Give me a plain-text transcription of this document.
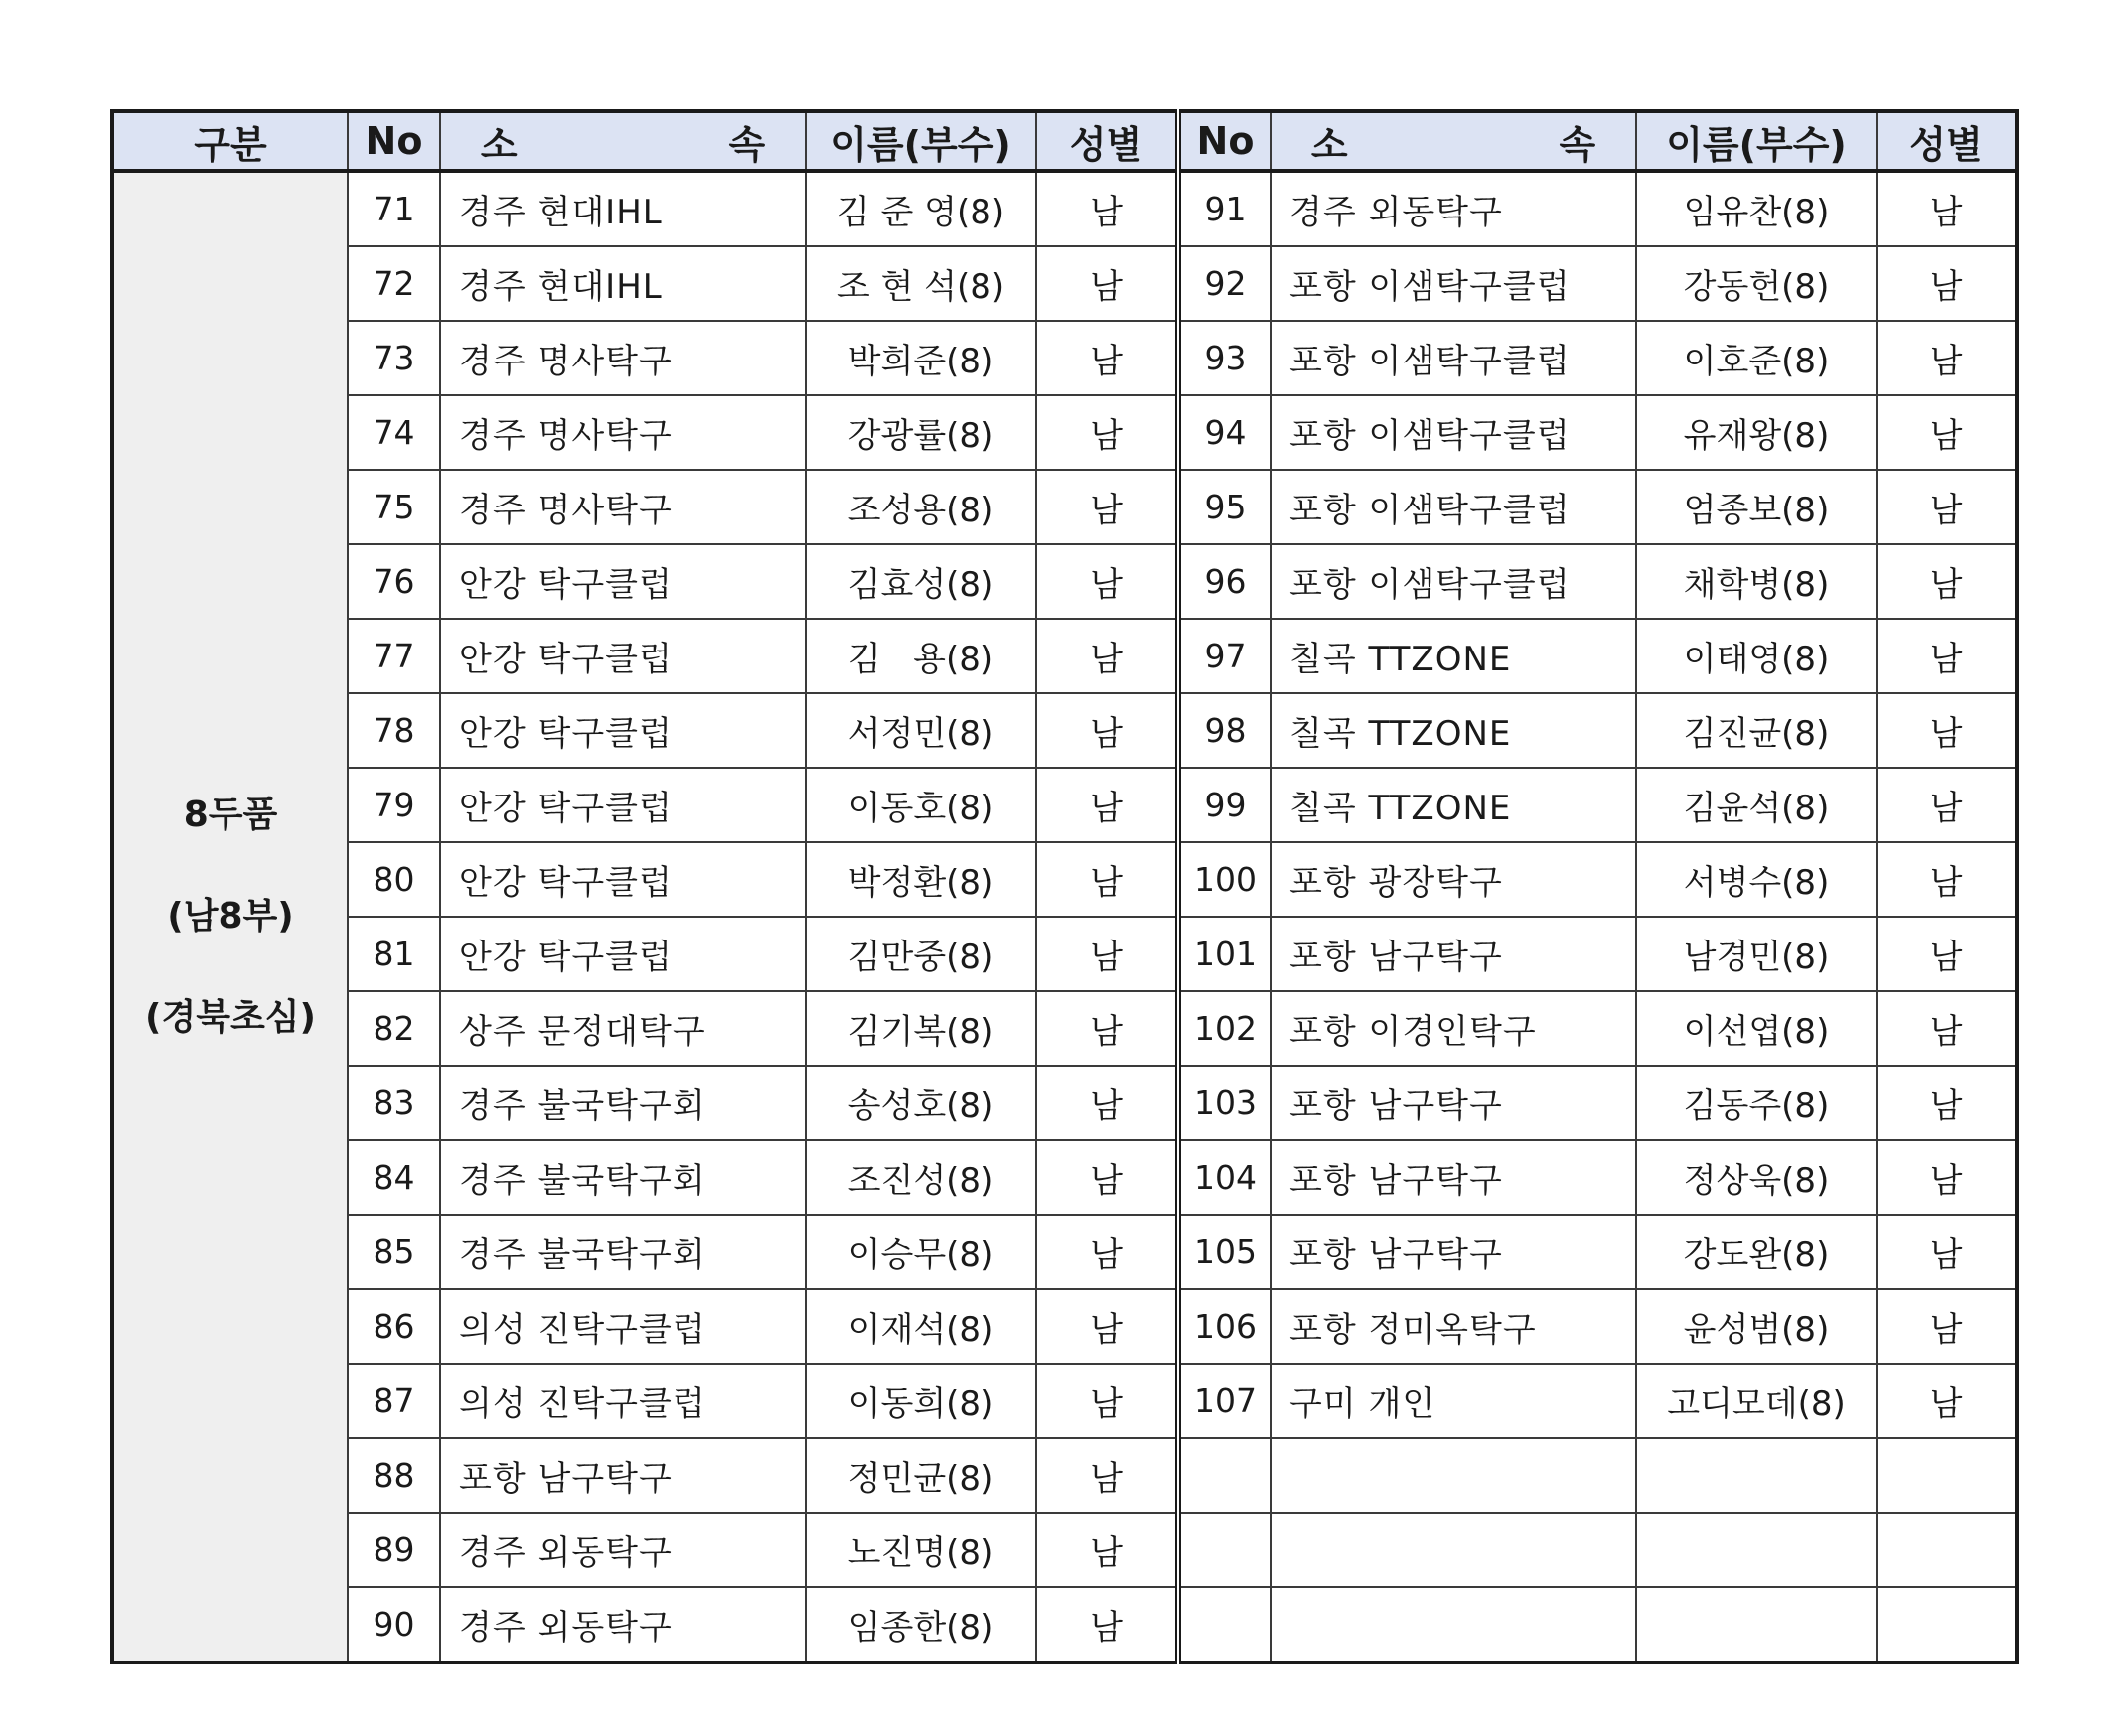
구분	No	소    속	이름(부수)	성별	No	소    속	이름(부수)	성별

8두품
(남8부)
(경북초심)	71	경주 현대IHL	김 준 영(8)	남	91	경주 외동탁구	임유찬(8)	남
	72	경주 현대IHL	조 현 석(8)	남	92	포항 이샘탁구클럽	강동헌(8)	남
	73	경주 명사탁구	박희준(8)	남	93	포항 이샘탁구클럽	이호준(8)	남
	74	경주 명사탁구	강광률(8)	남	94	포항 이샘탁구클럽	유재왕(8)	남
	75	경주 명사탁구	조성용(8)	남	95	포항 이샘탁구클럽	엄종보(8)	남
	76	안강 탁구클럽	김효성(8)	남	96	포항 이샘탁구클럽	채학병(8)	남
	77	안강 탁구클럽	김   용(8)	남	97	칠곡 TTZONE	이태영(8)	남
	78	안강 탁구클럽	서정민(8)	남	98	칠곡 TTZONE	김진균(8)	남
	79	안강 탁구클럽	이동호(8)	남	99	칠곡 TTZONE	김윤석(8)	남
	80	안강 탁구클럽	박정환(8)	남	100	포항 광장탁구	서병수(8)	남
	81	안강 탁구클럽	김만중(8)	남	101	포항 남구탁구	남경민(8)	남
	82	상주 문정대탁구	김기복(8)	남	102	포항 이경인탁구	이선엽(8)	남
	83	경주 불국탁구회	송성호(8)	남	103	포항 남구탁구	김동주(8)	남
	84	경주 불국탁구회	조진성(8)	남	104	포항 남구탁구	정상욱(8)	남
	85	경주 불국탁구회	이승무(8)	남	105	포항 남구탁구	강도완(8)	남
	86	의성 진탁구클럽	이재석(8)	남	106	포항 정미옥탁구	윤성범(8)	남
	87	의성 진탁구클럽	이동희(8)	남	107	구미 개인	고디모데(8)	남
	88	포항 남구탁구	정민균(8)	남				
	89	경주 외동탁구	노진명(8)	남				
	90	경주 외동탁구	임종한(8)	남				
